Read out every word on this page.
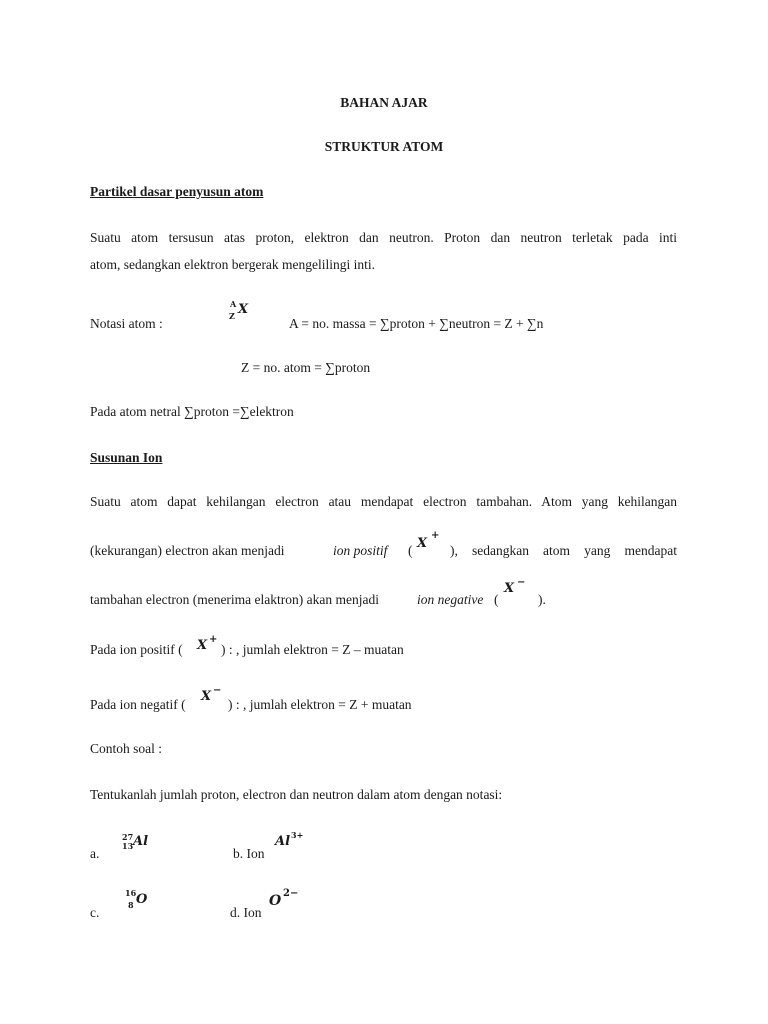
BAHAN AJAR
STRUKTUR ATOM
Partikel dasar penyusun atom
Suatu atom tersusun atas proton, elektron dan neutron. Proton dan neutron terletak pada inti
atom, sedangkan elektron bergerak mengelilingi inti.
Notasi atom :
A
Z X
A = no. massa = ∑proton + ∑neutron = Z + ∑n
Z = no. atom = ∑proton
Pada atom netral ∑proton =∑elektron
Susunan Ion
Suatu atom dapat kehilangan electron atau mendapat electron tambahan. Atom yang kehilangan
(kekurangan) electron akan menjadi	ion positif ( X
+
), sedangkan atom yang mendapat
tambahan electron (menerima elaktron) akan menjadi	ion negative (
X −
).
Pada ion positif ( X +
) : , jumlah elektron = Z – muatan
Pada ion negatif (
X −
) : , jumlah elektron = Z + muatan
Contoh soal :
Tentukanlah jumlah proton, electron dan neutron dalam atom dengan notasi:
a.
27
13 Al
b. Ion
Al 3+
c.
16
8 O
d. Ion
O 2−
